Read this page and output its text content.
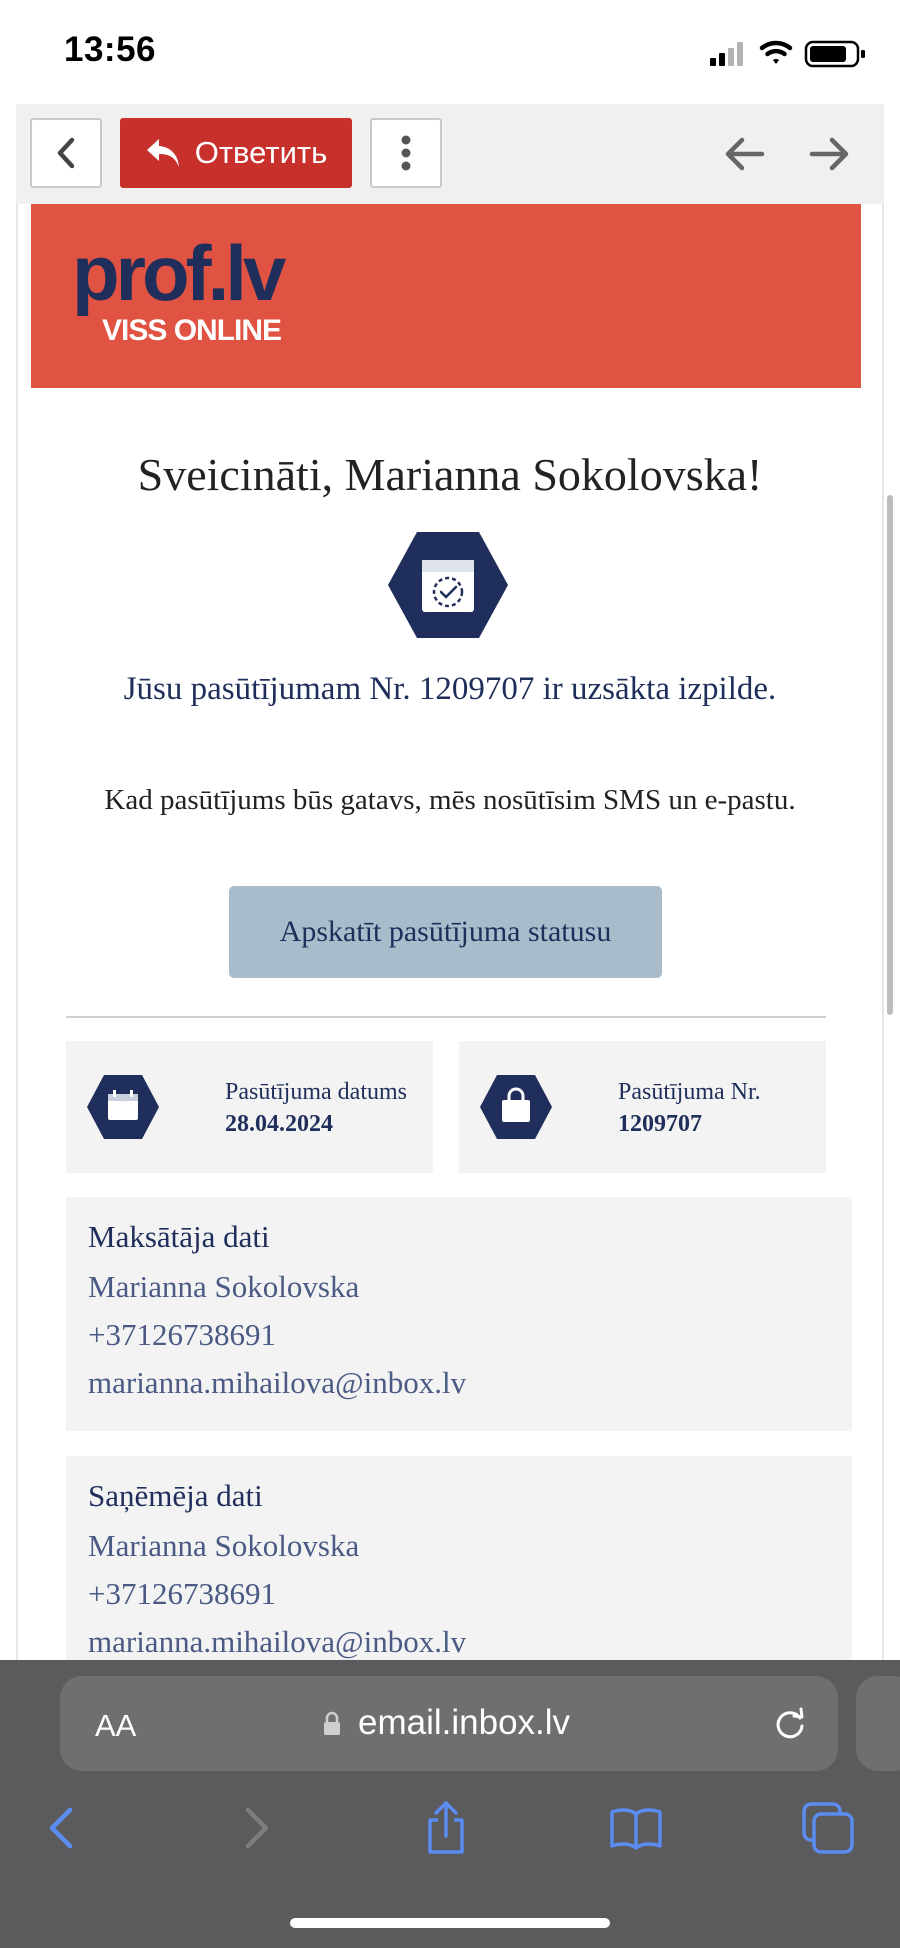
13:56
Ответить
prof.lv
VISS ONLINE
Sveicināti, Marianna Sokolovska!
Jūsu pasūtījumam Nr. 1209707 ir uzsākta izpilde.
Kad pasūtījums būs gatavs, mēs nosūtīsim SMS un e-pastu.
Apskatīt pasūtījuma statusu
Pasūtījuma datums
28.04.2024
Pasūtījuma Nr.
1209707
Maksātāja dati
Marianna Sokolovska
+37126738691
marianna.mihailova@inbox.lv
Saņēmēja dati
Marianna Sokolovska
+37126738691
marianna.mihailova@inbox.lv
AA	email.inbox.lv
